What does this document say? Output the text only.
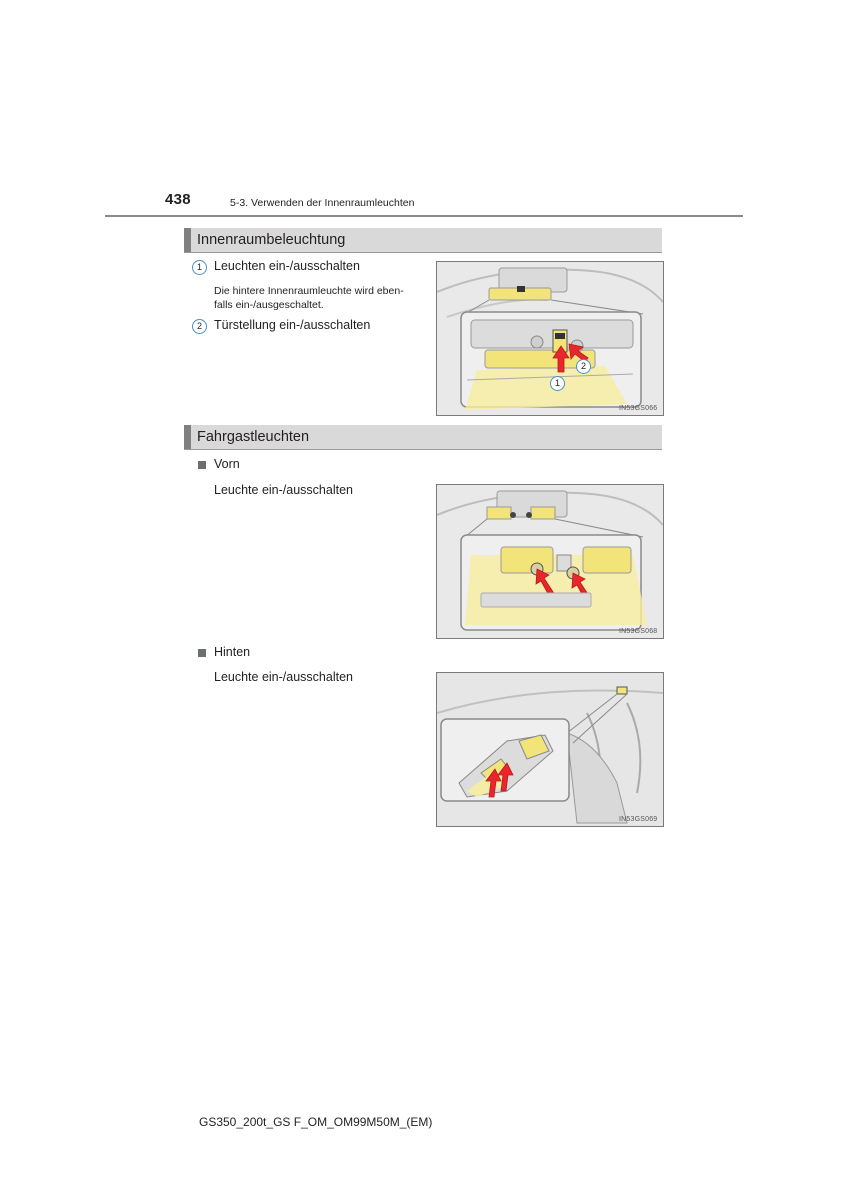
438	5-3. Verwenden der Innenraumleuchten
Innenraumbeleuchtung
1 Leuchten ein-/ausschalten
Die hintere Innenraumleuchte wird eben-
falls ein-/ausgeschaltet.
2 Türstellung ein-/ausschalten
1
2
IN53GS066
Fahrgastleuchten
Vorn
Leuchte ein-/ausschalten
IN53GS068
Hinten
Leuchte ein-/ausschalten
IN53GS069
GS350_200t_GS F_OM_OM99M50M_(EM)
